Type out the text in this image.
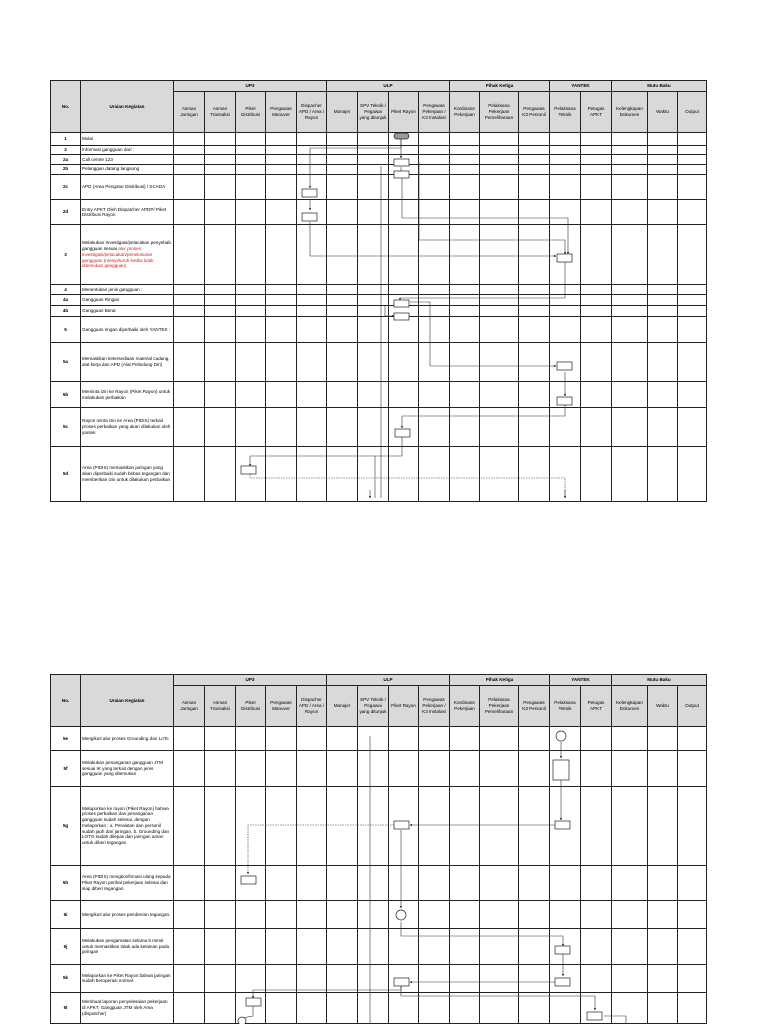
No.	Uraian Kegiatan	UP3					ULP				Pihak Ketiga			YANTEK		Mutu Baku		
		Asman Jaringan	Asman Transaksi	Piket Distribusi	Pengawas Manuver	Dispacher APD / Area / Rayon	Manajer	SPV Teknik / Pegawai yang ditunjuk	Piket Rayon	Pengawas Pekerjaan / K3 Instalasi	Kordinator Pekerjaan	Pelaksana Pekerjaan Pemeliharaan	Pengawas K3 Personil	Pelaksana Teknik	Petugas APKT	Kelengkapan Dokumen	Waktu	Output
1	Mulai																	
2	Informasi gangguan dari :																	
2a	Call centre 123																	
2b	Pelanggan datang langsung																	
2c	APD (Area Pengatur Distribusi) / SCADA																	
2d	Entry APKT Oleh Dispatcher APDP/ Piket Distribusi Rayon																	
3	Melakukan Investigasi/pelacakan penyebab gangguan sesuai alur proses investigasi/pelacakan/penelusuran gangguan (menyeluruh ketika tidak ditemukan gangguan)																	
4	Menentukan jenis gangguan :																	
4a	Gangguan Ringan																	
4b	Gangguan Berat																	
5	Gangguan ringan diperbaiki oleh YANTEK :																	
5a	Memastikan ketersediaan material cadang, alat kerja dan APD (Alat Pelindung Diri)																	
5b	Meminta izin ke Rayon (Piket Rayon) untuk melakukan perbaikan																	
5c	Rayon minta izin ke Area (PIDIS) terkait proses perbaikan yang akan dilakukan oleh yantek																	
5d	Area (PIDIS) memastikan jaringan yang akan diperbaiki sudah bebas tegangan dan memberikan izin untuk dilakukan perbaikan																	
No.	Uraian Kegiatan	UP3					ULP				Pihak Ketiga			YANTEK		Mutu Baku		
		Asman Jaringan	Asman Transaksi	Piket Distribusi	Pengawas Manuver	Dispacher APD / Area / Rayon	Manajer	SPV Teknik / Pegawai yang ditunjuk	Piket Rayon	Pengawas Pekerjaan / K3 Instalasi	Kordinator Pekerjaan	Pelaksana Pekerjaan Pemeliharaan	Pengawas K3 Personil	Pelaksana Teknik	Petugas APKT	Kelengkapan Dokumen	Waktu	Output
5e	Mengikuti alur proses Grounding dan LoTo																	
5f	Melakukan penanganan gangguan JTM sesuai IK yang terkait dengan jenis gangguan yang ditemukan																	
5g	Melaporkan ke rayon (Piket Rayon) bahwa proses perbaikan dan penanganan gangguan sudah selesai, dengan melaporkan : a. Peralatan dan personil sudah jauh dari jaringan, b. Grounding dan LOTO sudah dilepas dan jaringan aman untuk diberi tegangan																	
5h	Area (PIDIS) mengkonfirmasi ulang kepada Piket Rayon perihal pekerjaan selesai dan siap diberi tegangan.																	
5i	Mengikuti alur proses pemberian tegangan.																	
5j	Melakukan pengamatan selama 5 menit untuk memastikan tidak ada kelainan pada jaringan																	
5k	Melaporkan ke Piket Rayon bahwa jaringan sudah beroperasi normal																	
5l	Membuat laporan penyelesaian pekerjaan di APKT. Gangguan JTM oleh Area (dispatcher)																	
